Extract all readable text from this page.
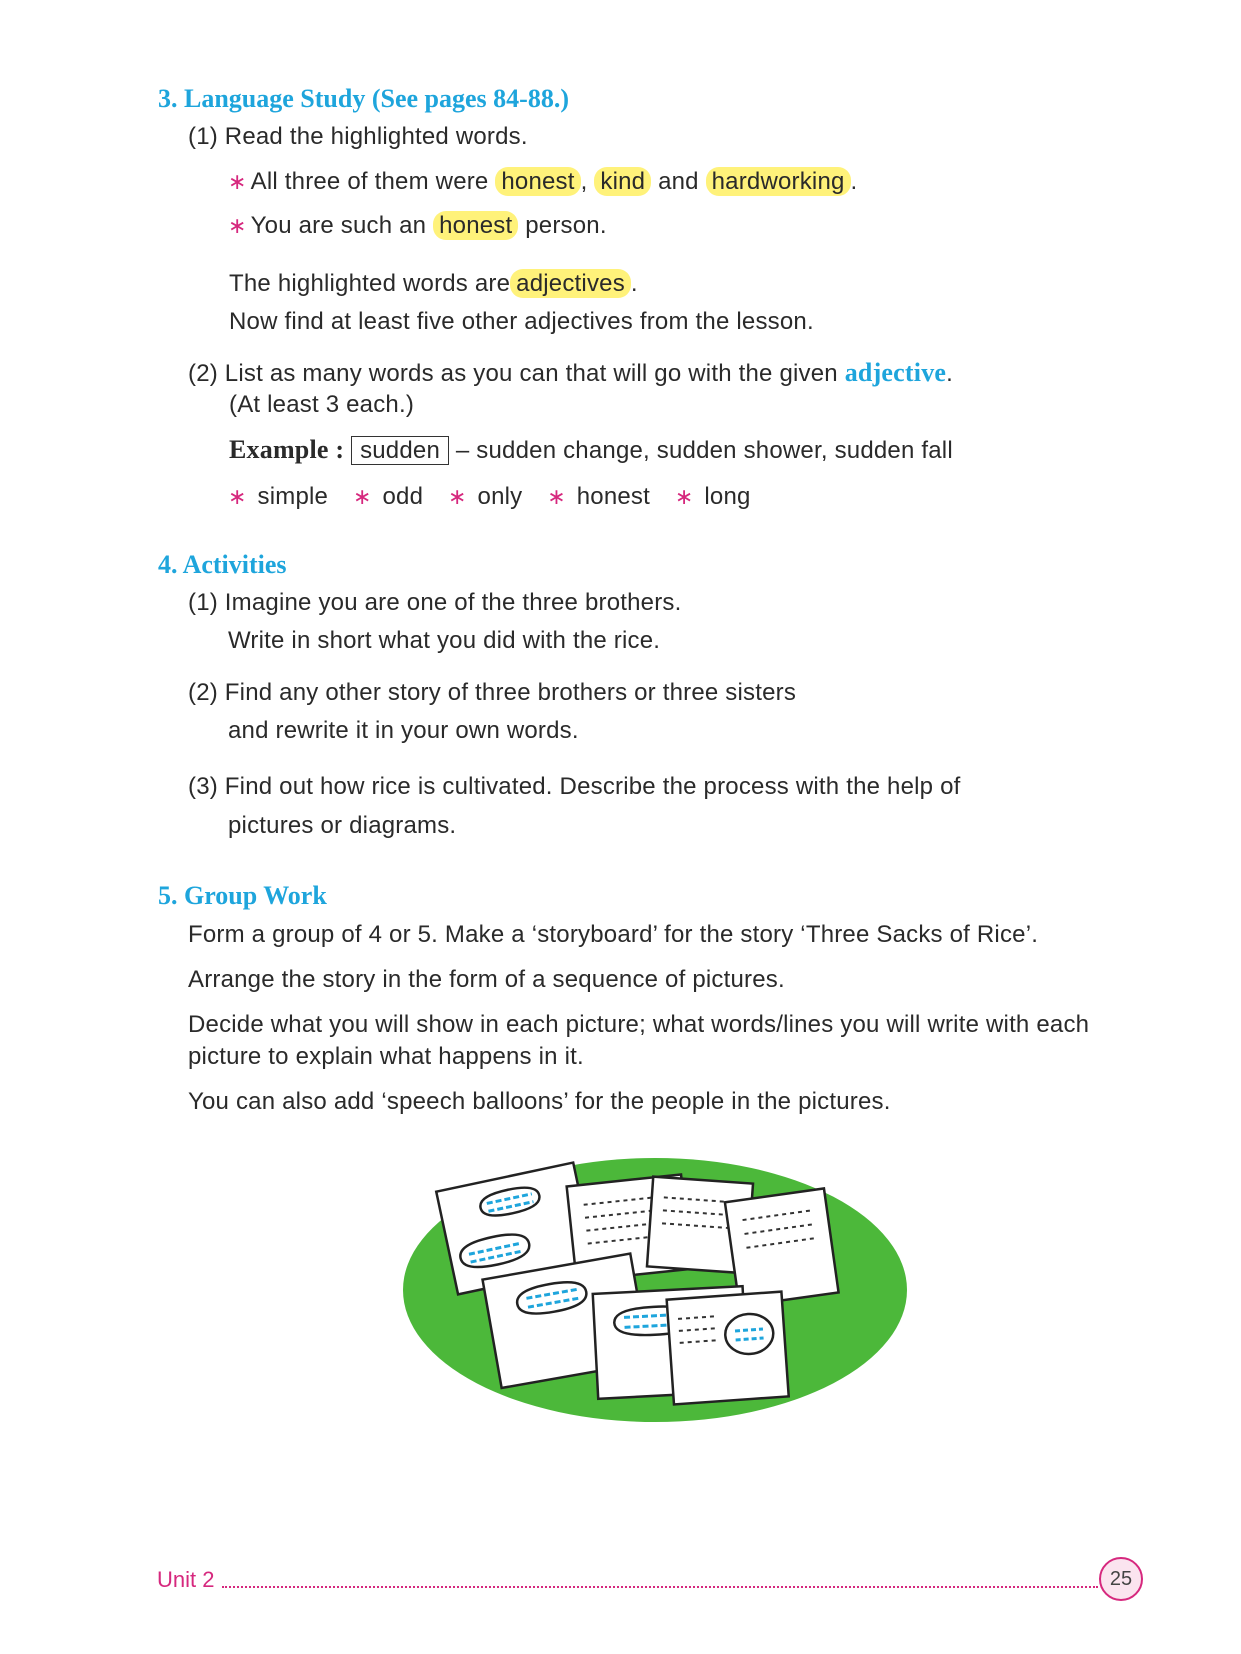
3. Language Study (See pages 84-88.)
(1) Read the highlighted words.
∗ All three of them were honest , kind and hardworking .
∗ You are such an honest person.
The highlighted words are adjectives .
Now find at least five other adjectives from the lesson.
(2) List as many words as you can that will go with the given adjective.
(At least 3 each.)
Example : sudden – sudden change, sudden shower, sudden fall
∗ simple ∗ odd ∗ only ∗ honest ∗ long
4. Activities
(1) Imagine you are one of the three brothers.
Write in short what you did with the rice.
(2) Find any other story of three brothers or three sisters
and rewrite it in your own words.
(3) Find out how rice is cultivated. Describe the process with the help of
pictures or diagrams.
5. Group Work
Form a group of 4 or 5. Make a ‘storyboard’ for the story ‘Three Sacks of Rice’.
Arrange the story in the form of a sequence of pictures.
Decide what you will show in each picture; what words/lines you will write with each
picture to explain what happens in it.
You can also add ‘speech balloons’ for the people in the pictures.
Unit 2	25
